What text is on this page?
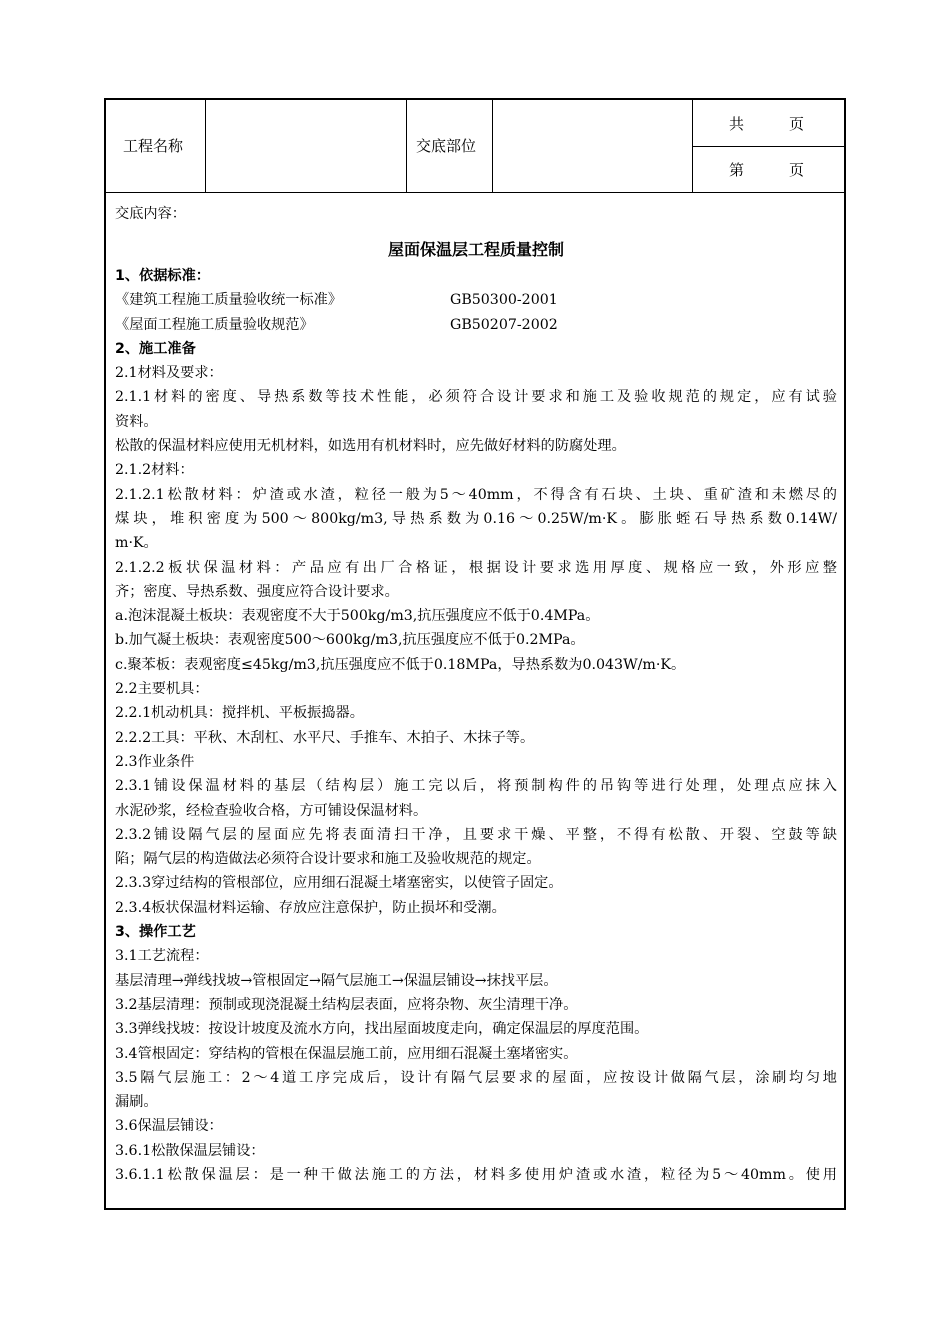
工程名称	交底部位
共　　　页
第　　　页
交底内容：
屋面保温层工程质量控制
1、依据标准：
《建筑工程施工质量验收统一标准》	GB50300-2001
《屋面工程施工质量验收规范》	GB50207-2002
2、施工准备
2.1材料及要求：
2.1.1材料的密度、导热系数等技术性能，必须符合设计要求和施工及验收规范的规定，应有试验
资料。
松散的保温材料应使用无机材料，如选用有机材料时，应先做好材料的防腐处理。
2.1.2材料：
2.1.2.1松散材料：炉渣或水渣，粒径一般为5～40mm，不得含有石块、土块、重矿渣和未燃尽的
煤块，堆积密度为500～800kg/m3,导热系数为0.16～0.25W/m·K。膨胀蛭石导热系数0.14W/
m·K。
2.1.2.2板状保温材料：产品应有出厂合格证，根据设计要求选用厚度、规格应一致，外形应整
齐；密度、导热系数、强度应符合设计要求。
a.泡沫混凝土板块：表观密度不大于500kg/m3,抗压强度应不低于0.4MPa。
b.加气凝土板块：表观密度500～600kg/m3,抗压强度应不低于0.2MPa。
c.聚苯板：表观密度≤45kg/m3,抗压强度应不低于0.18MPa，导热系数为0.043W/m·K。
2.2主要机具：
2.2.1机动机具：搅拌机、平板振捣器。
2.2.2工具：平秋、木刮杠、水平尺、手推车、木拍子、木抹子等。
2.3作业条件
2.3.1铺设保温材料的基层（结构层）施工完以后，将预制构件的吊钩等进行处理，处理点应抹入
水泥砂浆，经检查验收合格，方可铺设保温材料。
2.3.2铺设隔气层的屋面应先将表面清扫干净，且要求干燥、平整，不得有松散、开裂、空鼓等缺
陷；隔气层的构造做法必须符合设计要求和施工及验收规范的规定。
2.3.3穿过结构的管根部位，应用细石混凝土堵塞密实，以使管子固定。
2.3.4板状保温材料运输、存放应注意保护，防止损坏和受潮。
3、操作工艺
3.1工艺流程：
基层清理→弹线找坡→管根固定→隔气层施工→保温层铺设→抹找平层。
3.2基层清理：预制或现浇混凝土结构层表面，应将杂物、灰尘清理干净。
3.3弹线找坡：按设计坡度及流水方向，找出屋面坡度走向，确定保温层的厚度范围。
3.4管根固定：穿结构的管根在保温层施工前，应用细石混凝土塞堵密实。
3.5隔气层施工：2～4道工序完成后，设计有隔气层要求的屋面，应按设计做隔气层，涂刷均匀地
漏刷。
3.6保温层铺设：
3.6.1松散保温层铺设：
3.6.1.1松散保温层：是一种干做法施工的方法，材料多使用炉渣或水渣，粒径为5～40mm。使用
